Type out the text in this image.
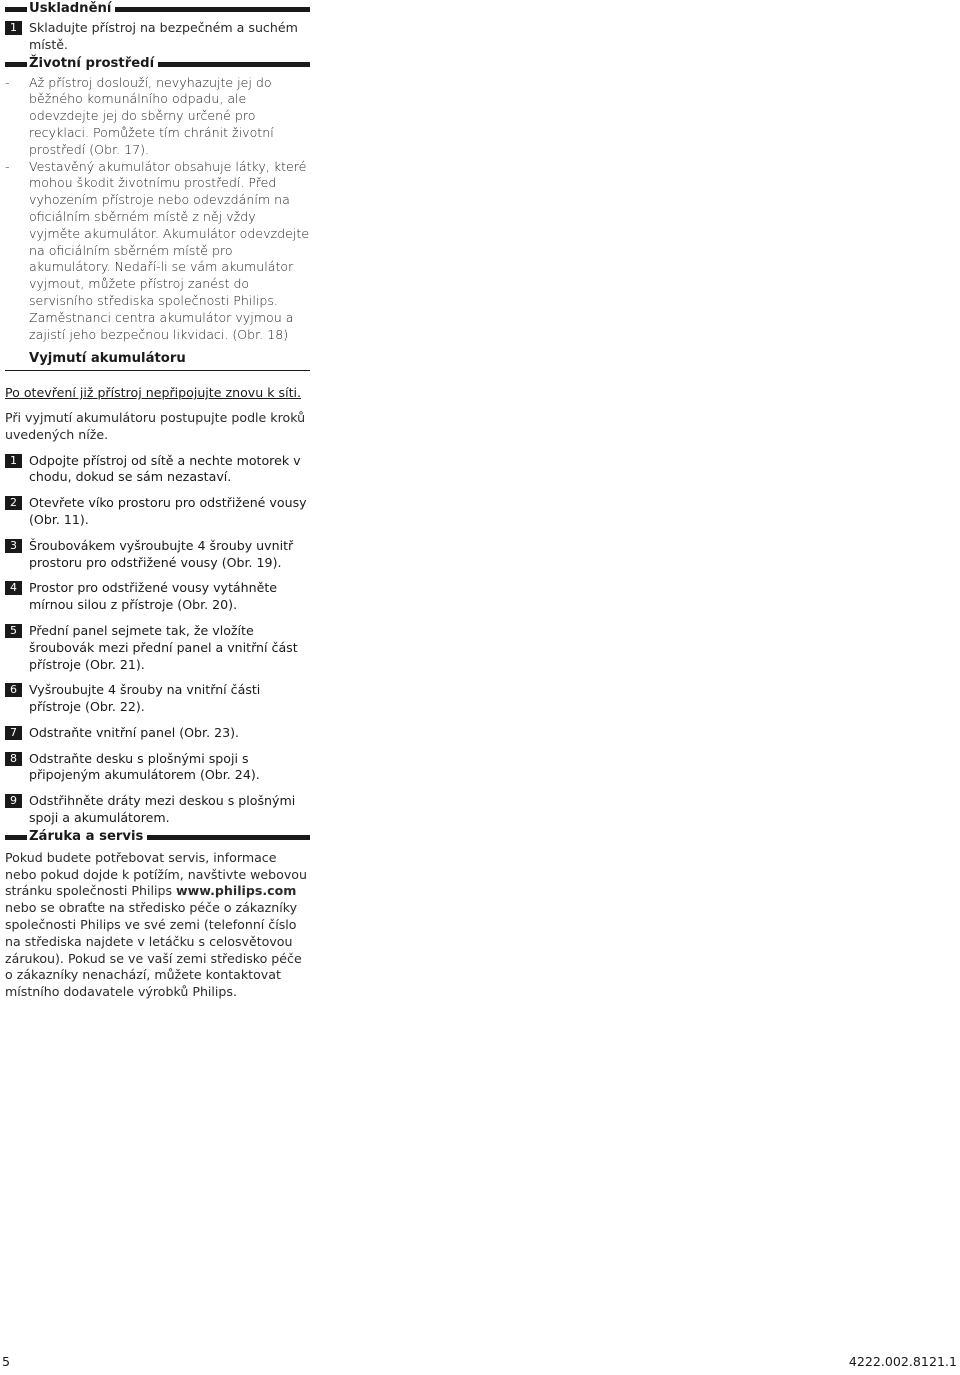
Uskladnění
1 Skladujte přístroj na bezpečném a suchém místě.
Životní prostředí
- Až přístroj doslouží, nevyhazujte jej do běžného komunálního odpadu, ale odevzdejte jej do sběrny určené pro recyklaci. Pomůžete tím chránit životní prostředí (Obr. 17).
- Vestavěný akumulátor obsahuje látky, které mohou škodit životnímu prostředí. Před vyhozením přístroje nebo odevzdáním na oficiálním sběrném místě z něj vždy vyjměte akumulátor. Akumulátor odevzdejte na oficiálním sběrném místě pro akumulátory. Nedaří-li se vám akumulátor vyjmout, můžete přístroj zanést do servisního střediska společnosti Philips. Zaměstnanci centra akumulátor vyjmou a zajistí jeho bezpečnou likvidaci. (Obr. 18)
Vyjmutí akumulátoru
Po otevření již přístroj nepřipojujte znovu k síti.
Při vyjmutí akumulátoru postupujte podle kroků uvedených níže.
1 Odpojte přístroj od sítě a nechte motorek v chodu, dokud se sám nezastaví.
2 Otevřete víko prostoru pro odstřižené vousy (Obr. 11).
3 Šroubovákem vyšroubujte 4 šrouby uvnitř prostoru pro odstřižené vousy (Obr. 19).
4 Prostor pro odstřižené vousy vytáhněte mírnou silou z přístroje (Obr. 20).
5 Přední panel sejmete tak, že vložíte šroubovák mezi přední panel a vnitřní část přístroje (Obr. 21).
6 Vyšroubujte 4 šrouby na vnitřní části přístroje (Obr. 22).
7 Odstraňte vnitřní panel (Obr. 23).
8 Odstraňte desku s plošnými spoji s připojeným akumulátorem (Obr. 24).
9 Odstřihněte dráty mezi deskou s plošnými spoji a akumulátorem.
Záruka a servis
Pokud budete potřebovat servis, informace nebo pokud dojde k potížím, navštivte webovou stránku společnosti Philips www.philips.com nebo se obraťte na středisko péče o zákazníky společnosti Philips ve své zemi (telefonní číslo na střediska najdete v letáčku s celosvětovou zárukou). Pokud se ve vaší zemi středisko péče o zákazníky nenachází, můžete kontaktovat místního dodavatele výrobků Philips.
5	4222.002.8121.1
